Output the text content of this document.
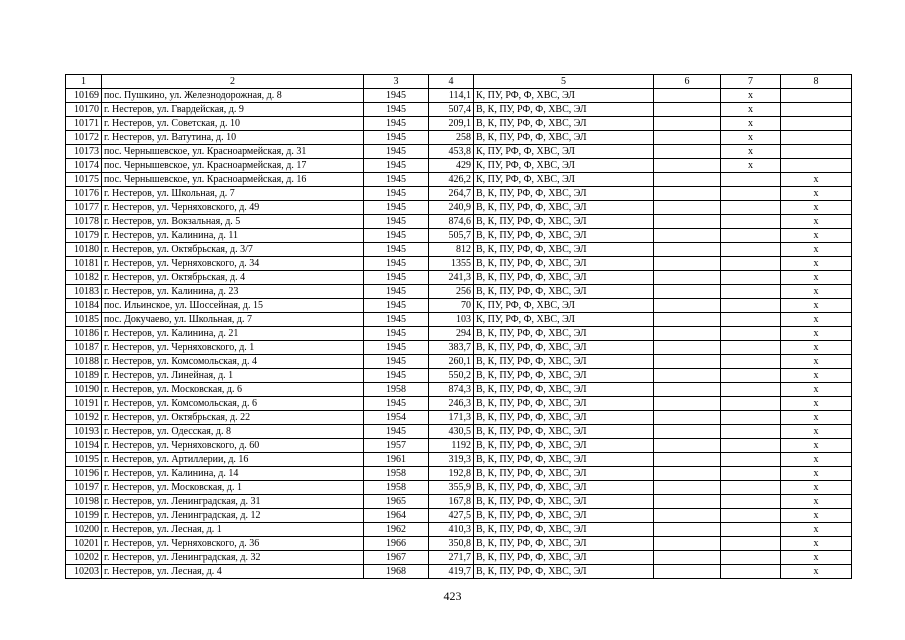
1	2	3	4	5	6	7	8
10169	пос. Пушкино, ул. Железнодорожная, д. 8	1945	114,1	К, ПУ, РФ, Ф, ХВС, ЭЛ		х	
10170	г. Нестеров, ул. Гвардейская, д. 9	1945	507,4	В, К, ПУ, РФ, Ф, ХВС, ЭЛ		х	
10171	г. Нестеров, ул. Советская, д. 10	1945	209,1	В, К, ПУ, РФ, Ф, ХВС, ЭЛ		х	
10172	г. Нестеров, ул. Ватутина, д. 10	1945	258	В, К, ПУ, РФ, Ф, ХВС, ЭЛ		х	
10173	пос. Чернышевское, ул. Красноармейская, д. 31	1945	453,8	К, ПУ, РФ, Ф, ХВС, ЭЛ		х	
10174	пос. Чернышевское, ул. Красноармейская, д. 17	1945	429	К, ПУ, РФ, Ф, ХВС, ЭЛ		х	
10175	пос. Чернышевское, ул. Красноармейская, д. 16	1945	426,2	К, ПУ, РФ, Ф, ХВС, ЭЛ			х
10176	г. Нестеров, ул. Школьная, д. 7	1945	264,7	В, К, ПУ, РФ, Ф, ХВС, ЭЛ			х
10177	г. Нестеров, ул. Черняховского, д. 49	1945	240,9	В, К, ПУ, РФ, Ф, ХВС, ЭЛ			х
10178	г. Нестеров, ул. Вокзальная, д. 5	1945	874,6	В, К, ПУ, РФ, Ф, ХВС, ЭЛ			х
10179	г. Нестеров, ул. Калинина, д. 11	1945	505,7	В, К, ПУ, РФ, Ф, ХВС, ЭЛ			х
10180	г. Нестеров, ул. Октябрьская, д. 3/7	1945	812	В, К, ПУ, РФ, Ф, ХВС, ЭЛ			х
10181	г. Нестеров, ул. Черняховского, д. 34	1945	1355	В, К, ПУ, РФ, Ф, ХВС, ЭЛ			х
10182	г. Нестеров, ул. Октябрьская, д. 4	1945	241,3	В, К, ПУ, РФ, Ф, ХВС, ЭЛ			х
10183	г. Нестеров, ул. Калинина, д. 23	1945	256	В, К, ПУ, РФ, Ф, ХВС, ЭЛ			х
10184	пос. Ильинское, ул. Шоссейная, д. 15	1945	70	К, ПУ, РФ, Ф, ХВС, ЭЛ			х
10185	пос. Докучаево, ул. Школьная, д. 7	1945	103	К, ПУ, РФ, Ф, ХВС, ЭЛ			х
10186	г. Нестеров, ул. Калинина, д. 21	1945	294	В, К, ПУ, РФ, Ф, ХВС, ЭЛ			х
10187	г. Нестеров, ул. Черняховского, д. 1	1945	383,7	В, К, ПУ, РФ, Ф, ХВС, ЭЛ			х
10188	г. Нестеров, ул. Комсомольская, д. 4	1945	260,1	В, К, ПУ, РФ, Ф, ХВС, ЭЛ			х
10189	г. Нестеров, ул. Линейная, д. 1	1945	550,2	В, К, ПУ, РФ, Ф, ХВС, ЭЛ			х
10190	г. Нестеров, ул. Московская, д. 6	1958	874,3	В, К, ПУ, РФ, Ф, ХВС, ЭЛ			х
10191	г. Нестеров, ул. Комсомольская, д. 6	1945	246,3	В, К, ПУ, РФ, Ф, ХВС, ЭЛ			х
10192	г. Нестеров, ул. Октябрьская, д. 22	1954	171,3	В, К, ПУ, РФ, Ф, ХВС, ЭЛ			х
10193	г. Нестеров, ул. Одесская, д. 8	1945	430,5	В, К, ПУ, РФ, Ф, ХВС, ЭЛ			х
10194	г. Нестеров, ул. Черняховского, д. 60	1957	1192	В, К, ПУ, РФ, Ф, ХВС, ЭЛ			х
10195	г. Нестеров, ул. Артиллерии, д. 16	1961	319,3	В, К, ПУ, РФ, Ф, ХВС, ЭЛ			х
10196	г. Нестеров, ул. Калинина, д. 14	1958	192,8	В, К, ПУ, РФ, Ф, ХВС, ЭЛ			х
10197	г. Нестеров, ул. Московская, д. 1	1958	355,9	В, К, ПУ, РФ, Ф, ХВС, ЭЛ			х
10198	г. Нестеров, ул. Ленинградская, д. 31	1965	167,8	В, К, ПУ, РФ, Ф, ХВС, ЭЛ			х
10199	г. Нестеров, ул. Ленинградская, д. 12	1964	427,5	В, К, ПУ, РФ, Ф, ХВС, ЭЛ			х
10200	г. Нестеров, ул. Лесная, д. 1	1962	410,3	В, К, ПУ, РФ, Ф, ХВС, ЭЛ			х
10201	г. Нестеров, ул. Черняховского, д. 36	1966	350,8	В, К, ПУ, РФ, Ф, ХВС, ЭЛ			х
10202	г. Нестеров, ул. Ленинградская, д. 32	1967	271,7	В, К, ПУ, РФ, Ф, ХВС, ЭЛ			х
10203	г. Нестеров, ул. Лесная, д. 4	1968	419,7	В, К, ПУ, РФ, Ф, ХВС, ЭЛ			х
423
